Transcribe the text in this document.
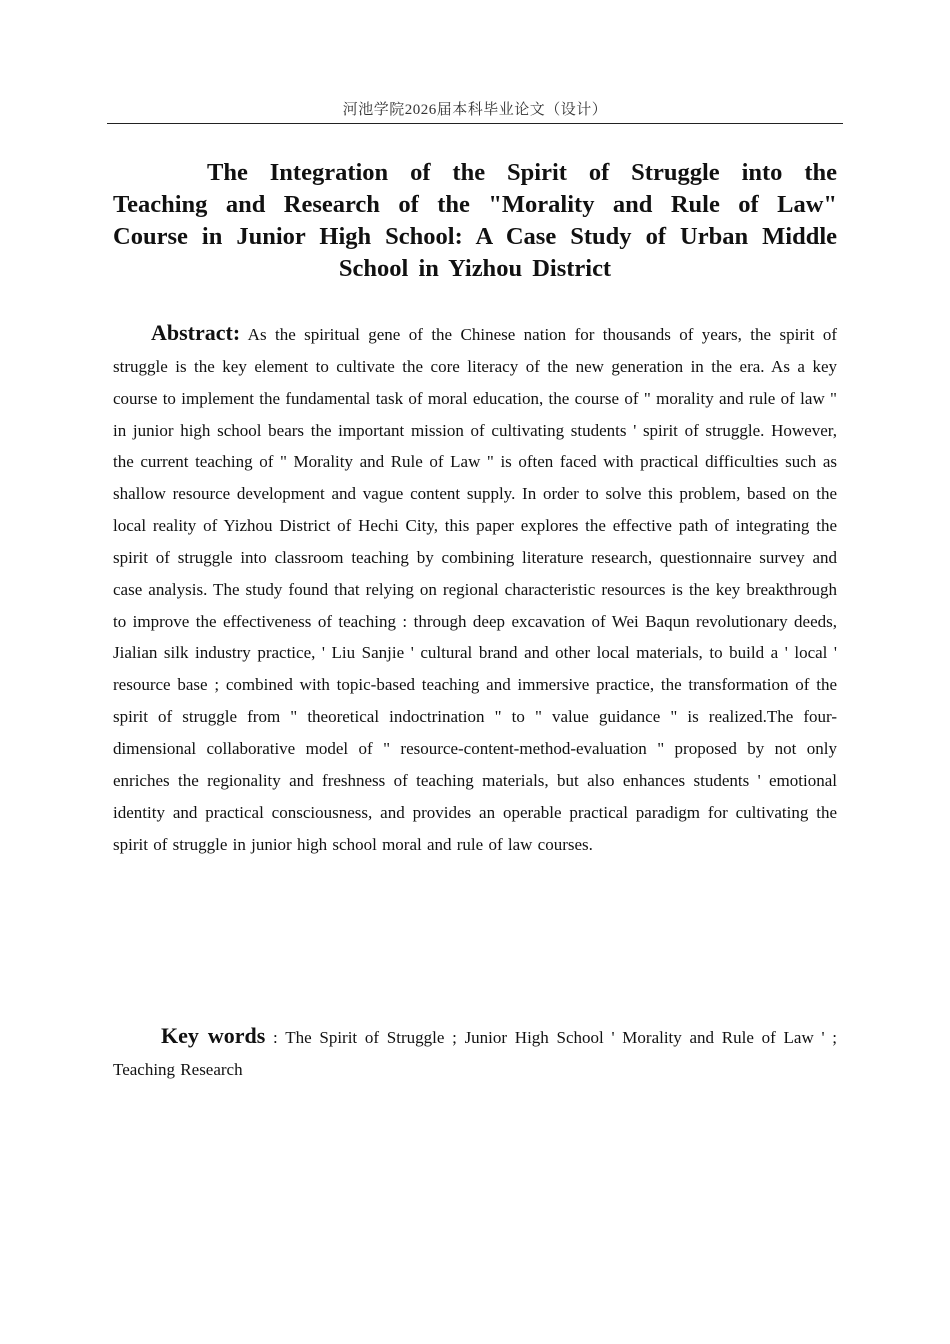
河池学院2026届本科毕业论文（设计）
The Integration of the Spirit of Struggle into the Teaching and Research of the "Morality and Rule of Law" Course in Junior High School: A Case Study of Urban Middle School in Yizhou District

Abstract: As the spiritual gene of the Chinese nation for thousands of years, the spirit of struggle is the key element to cultivate the core literacy of the new generation in the era. As a key course to implement the fundamental task of moral education, the course of " morality and rule of law " in junior high school bears the important mission of cultivating students ' spirit of struggle. However, the current teaching of " Morality and Rule of Law " is often faced with practical difficulties such as shallow resource development and vague content supply. In order to solve this problem, based on the local reality of Yizhou District of Hechi City, this paper explores the effective path of integrating the spirit of struggle into classroom teaching by combining literature research, questionnaire survey and case analysis. The study found that relying on regional characteristic resources is the key breakthrough to improve the effectiveness of teaching : through deep excavation of Wei Baqun revolutionary deeds, Jialian silk industry practice, ' Liu Sanjie ' cultural brand and other local materials, to build a ' local ' resource base ; combined with topic-based teaching and immersive practice, the transformation of the spirit of struggle from " theoretical indoctrination " to " value guidance " is realized.The four-dimensional collaborative model of " resource-content-method-evaluation " proposed by not only enriches the regionality and freshness of teaching materials, but also enhances students ' emotional identity and practical consciousness, and provides an operable practical paradigm for cultivating the spirit of struggle in junior high school moral and rule of law courses.

Key words : The Spirit of Struggle ; Junior High School ' Morality and Rule of Law ' ; Teaching Research
